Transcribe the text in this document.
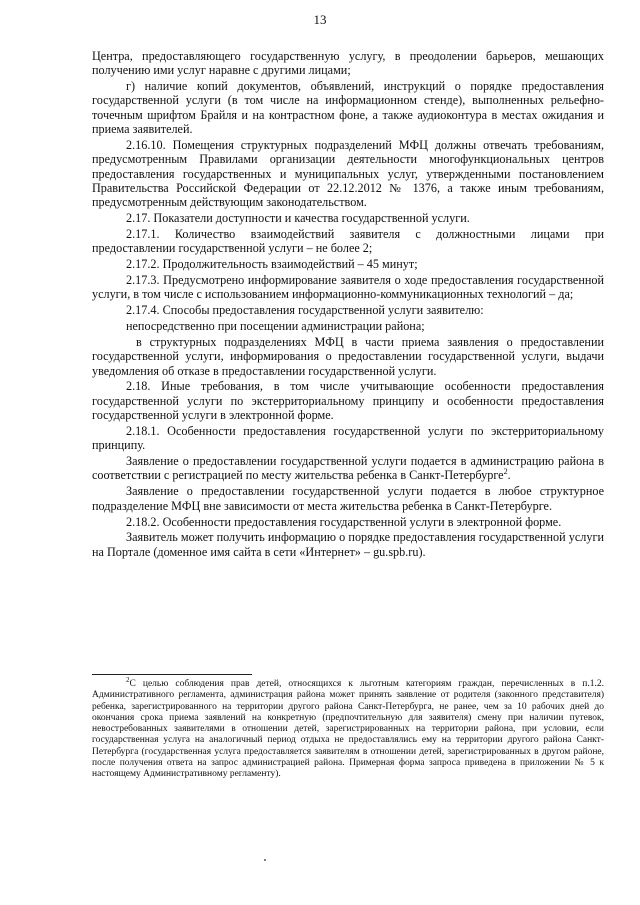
13

Центра, предоставляющего государственную услугу, в преодолении барьеров, мешающих получению ими услуг наравне с другими лицами;

г) наличие копий документов, объявлений, инструкций о порядке предоставления государственной услуги (в том числе на информационном стенде), выполненных рельефно-точечным шрифтом Брайля и на контрастном фоне, а также аудиоконтура в местах ожидания и приема заявителей.

2.16.10. Помещения структурных подразделений МФЦ должны отвечать требованиям, предусмотренным Правилами организации деятельности многофункциональных центров предоставления государственных и муниципальных услуг, утвержденными постановлением Правительства Российской Федерации от 22.12.2012 № 1376, а также иным требованиям, предусмотренным действующим законодательством.

2.17. Показатели доступности и качества государственной услуги.

2.17.1. Количество взаимодействий заявителя с должностными лицами при предоставлении государственной услуги – не более 2;

2.17.2. Продолжительность взаимодействий – 45 минут;

2.17.3. Предусмотрено информирование заявителя о ходе предоставления государственной услуги, в том числе с использованием информационно-коммуникационных технологий – да;

2.17.4. Способы предоставления государственной услуги заявителю:

непосредственно при посещении администрации района;

в структурных подразделениях МФЦ в части приема заявления о предоставлении государственной услуги, информирования о предоставлении государственной услуги, выдачи уведомления об отказе в предоставлении государственной услуги.

2.18. Иные требования, в том числе учитывающие особенности предоставления государственной услуги по экстерриториальному принципу и особенности предоставления государственной услуги в электронной форме.

2.18.1. Особенности предоставления государственной услуги по экстерриториальному принципу.

Заявление о предоставлении государственной услуги подается в администрацию района в соответствии с регистрацией по месту жительства ребенка в Санкт-Петербурге$^2$.

Заявление о предоставлении государственной услуги подается в любое структурное подразделение МФЦ вне зависимости от места жительства ребенка в Санкт-Петербурге.

2.18.2. Особенности предоставления государственной услуги в электронной форме.

Заявитель может получить информацию о порядке предоставления государственной услуги на Портале (доменное имя сайта в сети «Интернет» – gu.spb.ru).

$^2$С целью соблюдения прав детей, относящихся к льготным категориям граждан, перечисленных в п.1.2. Административного регламента, администрация района может принять заявление от родителя (законного представителя) ребенка, зарегистрированного на территории другого района Санкт-Петербурга, не ранее, чем за 10 рабочих дней до окончания срока приема заявлений на конкретную (предпочтительную для заявителя) смену при наличии путевок, невостребованных заявителями в отношении детей, зарегистрированных на территории района, при условии, если государственная услуга на аналогичный период отдыха не предоставлялись ему на территории другого района Санкт-Петербурга (государственная услуга предоставляется заявителям в отношении детей, зарегистрированных в другом районе, после получения ответа на запрос администрацией района. Примерная форма запроса приведена в приложении № 5 к настоящему Административному регламенту).
